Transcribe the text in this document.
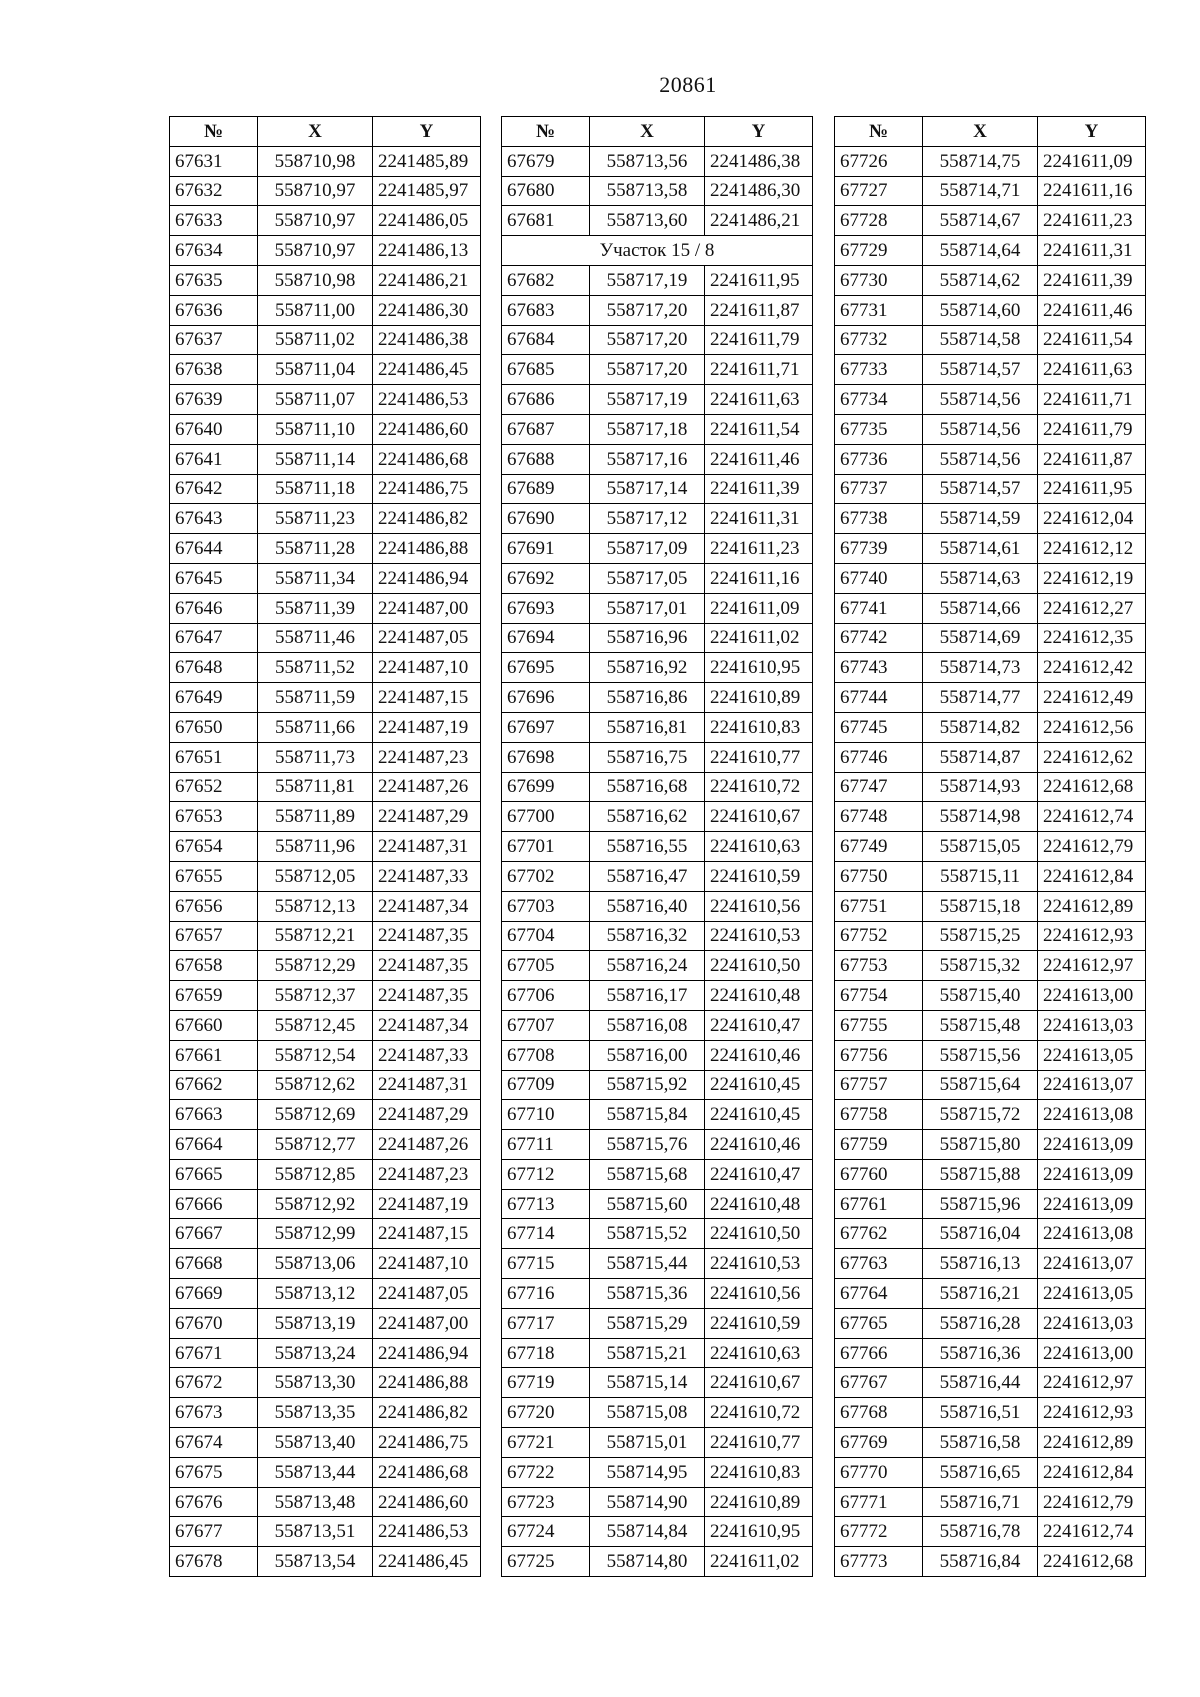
20861
№	X	Y
67631	558710,98	2241485,89
67632	558710,97	2241485,97
67633	558710,97	2241486,05
67634	558710,97	2241486,13
67635	558710,98	2241486,21
67636	558711,00	2241486,30
67637	558711,02	2241486,38
67638	558711,04	2241486,45
67639	558711,07	2241486,53
67640	558711,10	2241486,60
67641	558711,14	2241486,68
67642	558711,18	2241486,75
67643	558711,23	2241486,82
67644	558711,28	2241486,88
67645	558711,34	2241486,94
67646	558711,39	2241487,00
67647	558711,46	2241487,05
67648	558711,52	2241487,10
67649	558711,59	2241487,15
67650	558711,66	2241487,19
67651	558711,73	2241487,23
67652	558711,81	2241487,26
67653	558711,89	2241487,29
67654	558711,96	2241487,31
67655	558712,05	2241487,33
67656	558712,13	2241487,34
67657	558712,21	2241487,35
67658	558712,29	2241487,35
67659	558712,37	2241487,35
67660	558712,45	2241487,34
67661	558712,54	2241487,33
67662	558712,62	2241487,31
67663	558712,69	2241487,29
67664	558712,77	2241487,26
67665	558712,85	2241487,23
67666	558712,92	2241487,19
67667	558712,99	2241487,15
67668	558713,06	2241487,10
67669	558713,12	2241487,05
67670	558713,19	2241487,00
67671	558713,24	2241486,94
67672	558713,30	2241486,88
67673	558713,35	2241486,82
67674	558713,40	2241486,75
67675	558713,44	2241486,68
67676	558713,48	2241486,60
67677	558713,51	2241486,53
67678	558713,54	2241486,45
№	X	Y
67679	558713,56	2241486,38
67680	558713,58	2241486,30
67681	558713,60	2241486,21
Участок 15 / 8		
67682	558717,19	2241611,95
67683	558717,20	2241611,87
67684	558717,20	2241611,79
67685	558717,20	2241611,71
67686	558717,19	2241611,63
67687	558717,18	2241611,54
67688	558717,16	2241611,46
67689	558717,14	2241611,39
67690	558717,12	2241611,31
67691	558717,09	2241611,23
67692	558717,05	2241611,16
67693	558717,01	2241611,09
67694	558716,96	2241611,02
67695	558716,92	2241610,95
67696	558716,86	2241610,89
67697	558716,81	2241610,83
67698	558716,75	2241610,77
67699	558716,68	2241610,72
67700	558716,62	2241610,67
67701	558716,55	2241610,63
67702	558716,47	2241610,59
67703	558716,40	2241610,56
67704	558716,32	2241610,53
67705	558716,24	2241610,50
67706	558716,17	2241610,48
67707	558716,08	2241610,47
67708	558716,00	2241610,46
67709	558715,92	2241610,45
67710	558715,84	2241610,45
67711	558715,76	2241610,46
67712	558715,68	2241610,47
67713	558715,60	2241610,48
67714	558715,52	2241610,50
67715	558715,44	2241610,53
67716	558715,36	2241610,56
67717	558715,29	2241610,59
67718	558715,21	2241610,63
67719	558715,14	2241610,67
67720	558715,08	2241610,72
67721	558715,01	2241610,77
67722	558714,95	2241610,83
67723	558714,90	2241610,89
67724	558714,84	2241610,95
67725	558714,80	2241611,02
№	X	Y
67726	558714,75	2241611,09
67727	558714,71	2241611,16
67728	558714,67	2241611,23
67729	558714,64	2241611,31
67730	558714,62	2241611,39
67731	558714,60	2241611,46
67732	558714,58	2241611,54
67733	558714,57	2241611,63
67734	558714,56	2241611,71
67735	558714,56	2241611,79
67736	558714,56	2241611,87
67737	558714,57	2241611,95
67738	558714,59	2241612,04
67739	558714,61	2241612,12
67740	558714,63	2241612,19
67741	558714,66	2241612,27
67742	558714,69	2241612,35
67743	558714,73	2241612,42
67744	558714,77	2241612,49
67745	558714,82	2241612,56
67746	558714,87	2241612,62
67747	558714,93	2241612,68
67748	558714,98	2241612,74
67749	558715,05	2241612,79
67750	558715,11	2241612,84
67751	558715,18	2241612,89
67752	558715,25	2241612,93
67753	558715,32	2241612,97
67754	558715,40	2241613,00
67755	558715,48	2241613,03
67756	558715,56	2241613,05
67757	558715,64	2241613,07
67758	558715,72	2241613,08
67759	558715,80	2241613,09
67760	558715,88	2241613,09
67761	558715,96	2241613,09
67762	558716,04	2241613,08
67763	558716,13	2241613,07
67764	558716,21	2241613,05
67765	558716,28	2241613,03
67766	558716,36	2241613,00
67767	558716,44	2241612,97
67768	558716,51	2241612,93
67769	558716,58	2241612,89
67770	558716,65	2241612,84
67771	558716,71	2241612,79
67772	558716,78	2241612,74
67773	558716,84	2241612,68
